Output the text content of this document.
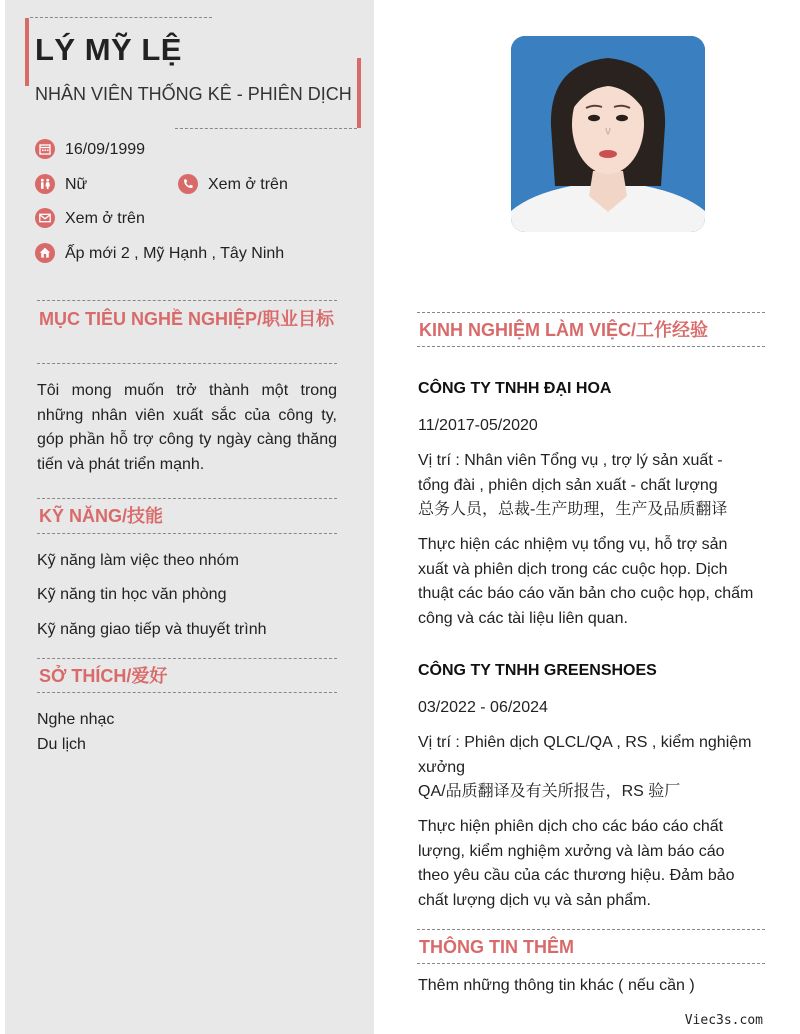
LÝ MỸ LỆ
NHÂN VIÊN THỐNG KÊ - PHIÊN DỊCH
16/09/1999
Nữ	Xem ở trên
Xem ở trên
Ấp mới 2 , Mỹ Hạnh , Tây Ninh
MỤC TIÊU NGHỀ NGHIỆP/职业目标
Tôi mong muốn trở thành một trong những nhân viên xuất sắc của công ty, góp phần hỗ trợ công ty ngày càng thăng tiến và phát triển mạnh.
KỸ NĂNG/技能
Kỹ năng làm việc theo nhóm
Kỹ năng tin học văn phòng
Kỹ năng giao tiếp và thuyết trình
SỞ THÍCH/爱好
Nghe nhạc
Du lịch
KINH NGHIỆM LÀM VIỆC/工作经验
CÔNG TY TNHH ĐẠI HOA
11/2017-05/2020
Vị trí : Nhân viên Tổng vụ , trợ lý sản xuất - tổng đài , phiên dịch sản xuất - chất lượng
总务人员，总裁-生产助理，生产及品质翻译
Thực hiện các nhiệm vụ tổng vụ, hỗ trợ sản xuất và phiên dịch trong các cuộc họp. Dịch thuật các báo cáo văn bản cho cuộc họp, chấm công và các tài liệu liên quan.
CÔNG TY TNHH GREENSHOES
03/2022 - 06/2024
Vị trí : Phiên dịch QLCL/QA , RS , kiểm nghiệm xưởng
QA/品质翻译及有关所报告，RS 验厂
Thực hiện phiên dịch cho các báo cáo chất lượng, kiểm nghiệm xưởng và làm báo cáo theo yêu cầu của các thương hiệu. Đảm bảo chất lượng dịch vụ và sản phẩm.
THÔNG TIN THÊM
Thêm những thông tin khác ( nếu cần )
Viec3s.com
